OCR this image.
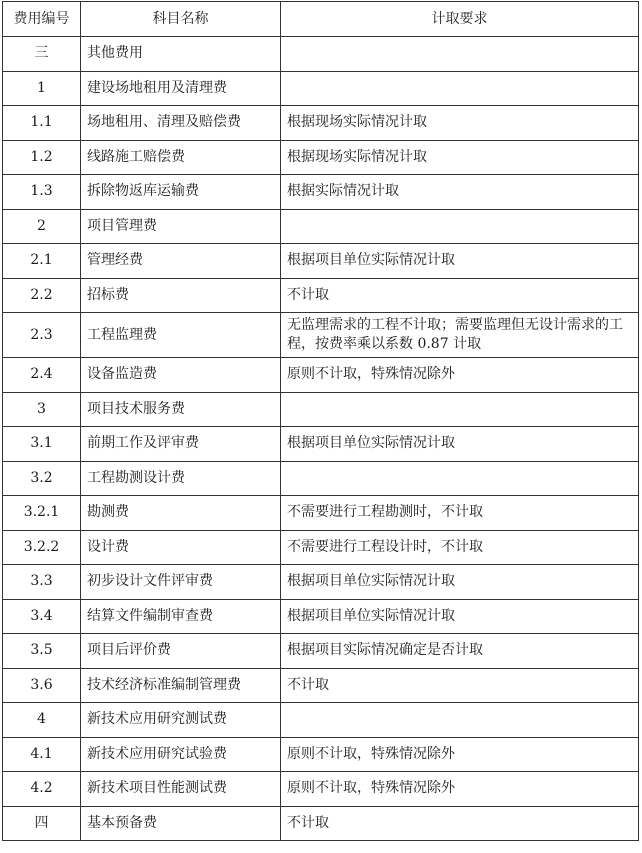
费用编号	科目名称	计取要求
三	其他费用	
1	建设场地租用及清理费	
1.1	场地租用、清理及赔偿费	根据现场实际情况计取
1.2	线路施工赔偿费	根据现场实际情况计取
1.3	拆除物返库运输费	根据实际情况计取
2	项目管理费	
2.1	管理经费	根据项目单位实际情况计取
2.2	招标费	不计取
2.3	工程监理费	无监理需求的工程不计取；需要监理但无设计需求的工程，按费率乘以系数 0.87 计取
2.4	设备监造费	原则不计取，特殊情况除外
3	项目技术服务费	
3.1	前期工作及评审费	根据项目单位实际情况计取
3.2	工程勘测设计费	
3.2.1	勘测费	不需要进行工程勘测时，不计取
3.2.2	设计费	不需要进行工程设计时，不计取
3.3	初步设计文件评审费	根据项目单位实际情况计取
3.4	结算文件编制审查费	根据项目单位实际情况计取
3.5	项目后评价费	根据项目实际情况确定是否计取
3.6	技术经济标准编制管理费	不计取
4	新技术应用研究测试费	
4.1	新技术应用研究试验费	原则不计取，特殊情况除外
4.2	新技术项目性能测试费	原则不计取，特殊情况除外
四	基本预备费	不计取
